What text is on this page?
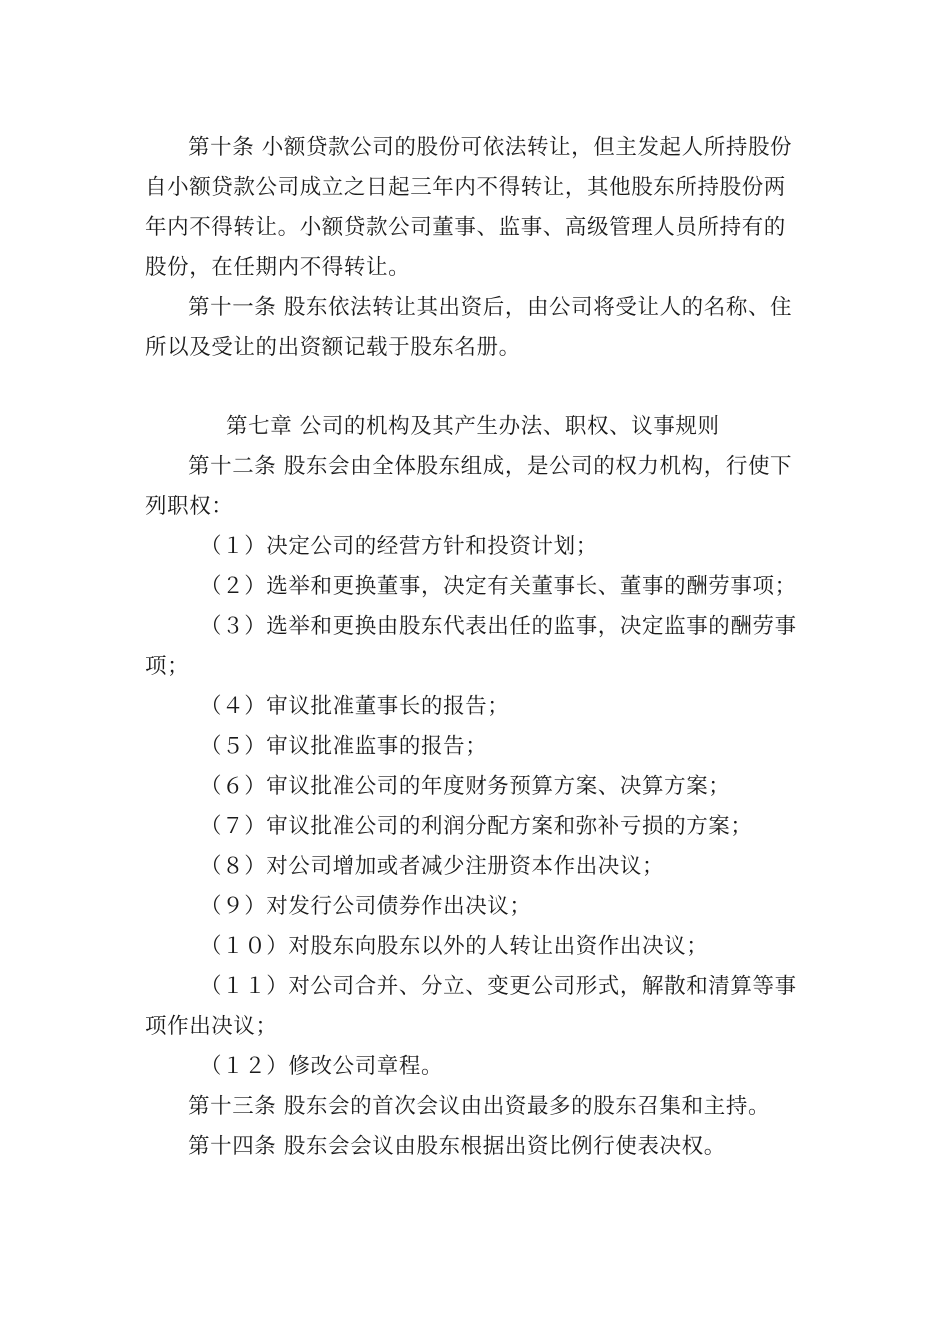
第十条 小额贷款公司的股份可依法转让，但主发起人所持股份
自小额贷款公司成立之日起三年内不得转让，其他股东所持股份两
年内不得转让。小额贷款公司董事、监事、高级管理人员所持有的
股份，在任期内不得转让。
第十一条 股东依法转让其出资后，由公司将受让人的名称、住
所以及受让的出资额记载于股东名册。
第七章 公司的机构及其产生办法、职权、议事规则
第十二条 股东会由全体股东组成，是公司的权力机构，行使下
列职权：
（１）决定公司的经营方针和投资计划；
（２）选举和更换董事，决定有关董事长、董事的酬劳事项；
（３）选举和更换由股东代表出任的监事，决定监事的酬劳事
项；
（４）审议批准董事长的报告；
（５）审议批准监事的报告；
（６）审议批准公司的年度财务预算方案、决算方案；
（７）审议批准公司的利润分配方案和弥补亏损的方案；
（８）对公司增加或者减少注册资本作出决议；
（９）对发行公司债券作出决议；
（１０）对股东向股东以外的人转让出资作出决议；
（１１）对公司合并、分立、变更公司形式，解散和清算等事
项作出决议；
（１２）修改公司章程。
第十三条 股东会的首次会议由出资最多的股东召集和主持。
第十四条 股东会会议由股东根据出资比例行使表决权。
